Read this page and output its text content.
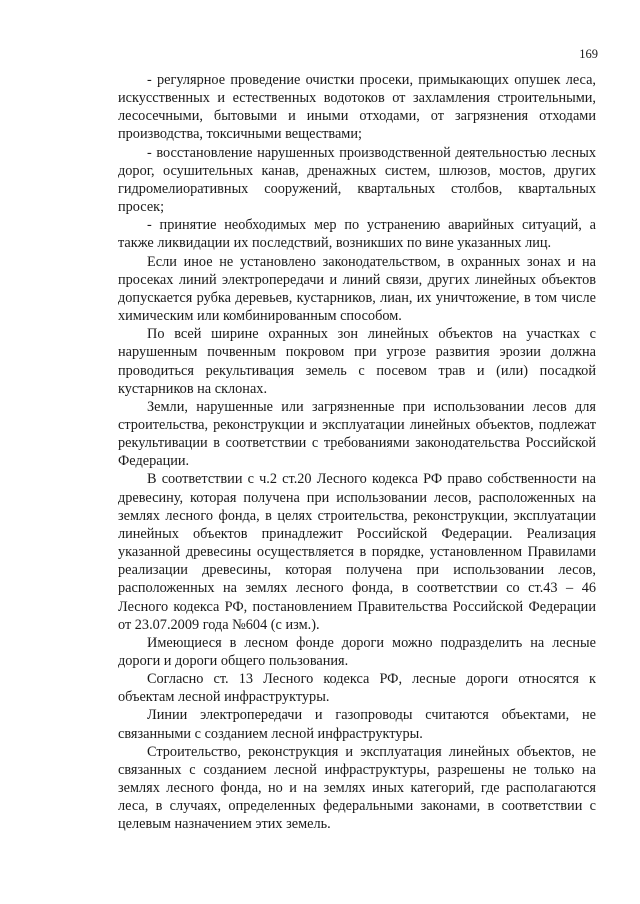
169

- регулярное проведение очистки просеки, примыкающих опушек леса, искусственных и естественных водотоков от захламления строительными, лесосечными, бытовыми и иными отходами, от загрязнения отходами производства, токсичными веществами;

- восстановление нарушенных производственной деятельностью лесных дорог, осушительных канав, дренажных систем, шлюзов, мостов, других гидромелиоративных сооружений, квартальных столбов, квартальных просек;

- принятие необходимых мер по устранению аварийных ситуаций, а также ликвидации их последствий, возникших по вине указанных лиц.

Если иное не установлено законодательством, в охранных зонах и на просеках линий электропередачи и линий связи, других линейных объектов допускается рубка деревьев, кустарников, лиан, их уничтожение, в том числе химическим или комбинированным способом.

По всей ширине охранных зон линейных объектов на участках с нарушенным почвенным покровом при угрозе развития эрозии должна проводиться рекультивация земель с посевом трав и (или) посадкой кустарников на склонах.

Земли, нарушенные или загрязненные при использовании лесов для строительства, реконструкции и эксплуатации линейных объектов, подлежат рекультивации в соответствии с требованиями законодательства Российской Федерации.

В соответствии с ч.2 ст.20 Лесного кодекса РФ право собственности на древесину, которая получена при использовании лесов, расположенных на землях лесного фонда, в целях строительства, реконструкции, эксплуатации линейных объектов принадлежит Российской Федерации. Реализация указанной древесины осуществляется в порядке, установленном Правилами реализации древесины, которая получена при использовании лесов, расположенных на землях лесного фонда, в соответствии со ст.43 – 46 Лесного кодекса РФ, постановлением Правительства Российской Федерации от 23.07.2009 года №604 (с изм.).

Имеющиеся в лесном фонде дороги можно подразделить на лесные дороги и дороги общего пользования.

Согласно ст. 13 Лесного кодекса РФ, лесные дороги относятся к объектам лесной инфраструктуры.

Линии электропередачи и газопроводы считаются объектами, не связанными с созданием лесной инфраструктуры.

Строительство, реконструкция и эксплуатация линейных объектов, не связанных с созданием лесной инфраструктуры, разрешены не только на землях лесного фонда, но и на землях иных категорий, где располагаются леса, в случаях, определенных федеральными законами, в соответствии с целевым назначением этих земель.
